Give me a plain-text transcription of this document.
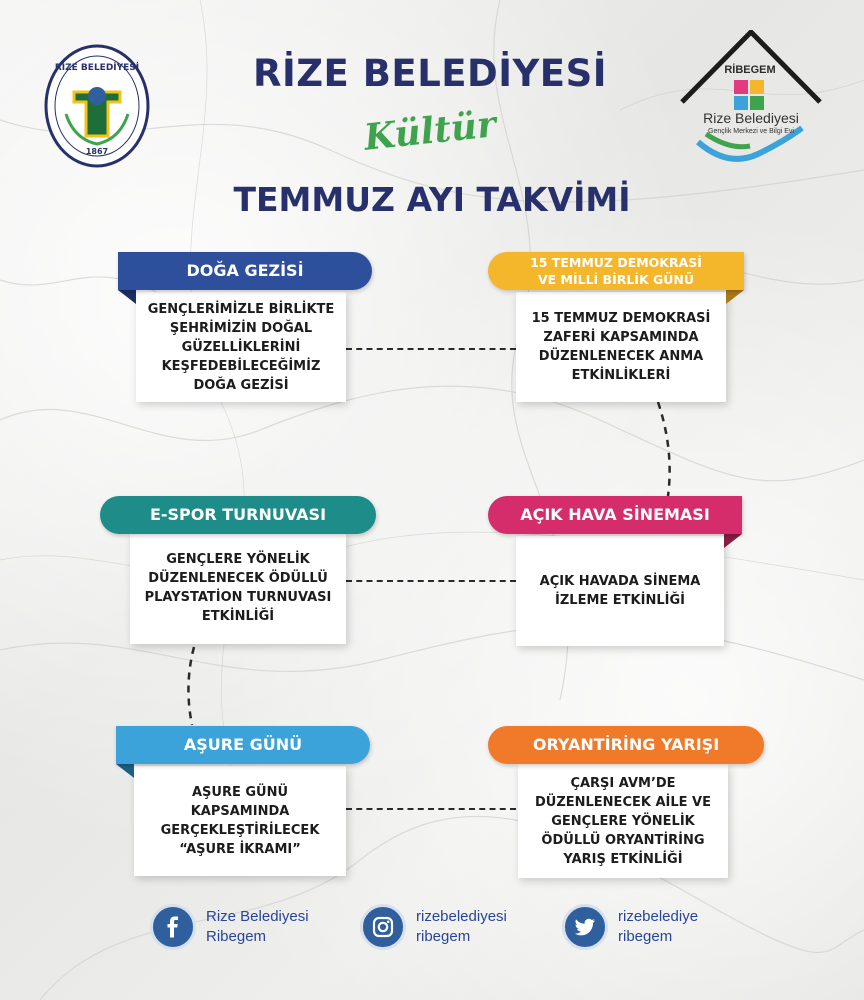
1867
RİZE BELEDİYESİ	RİZE BELEDİYESİ
Kültür
TEMMUZ AYI TAKVİMİ
RİBEGEM
Rize Belediyesi
Gençlik Merkezi ve Bilgi Evi
GENÇLERİMİZLE BİRLİKTE ŞEHRİMİZİN DOĞAL GÜZELLİKLERİNİ KEŞFEDEBİLECEĞİMİZ DOĞA GEZİSİ
DOĞA GEZİSİ
15 TEMMUZ DEMOKRASİ ZAFERİ KAPSAMINDA DÜZENLENECEK ANMA ETKİNLİKLERİ
15 TEMMUZ DEMOKRASİ
VE MİLLİ BİRLİK GÜNÜ
GENÇLERE YÖNELİK DÜZENLENECEK ÖDÜLLÜ PLAYSTATİON TURNUVASI ETKİNLİĞİ
E-SPOR TURNUVASI
AÇIK HAVADA SİNEMA İZLEME ETKİNLİĞİ
AÇIK HAVA SİNEMASI
AŞURE GÜNÜ KAPSAMINDA GERÇEKLEŞTİRİLECEK “AŞURE İKRAMI”
AŞURE GÜNÜ
ÇARŞI AVM’DE DÜZENLENECEK AİLE VE GENÇLERE YÖNELİK ÖDÜLLÜ ORYANTİRİNG YARIŞ ETKİNLİĞİ
ORYANTİRİNG YARIŞI
Rize Belediyesi
Ribegem
rizebelediyesi
ribegem
rizebelediye
ribegem
